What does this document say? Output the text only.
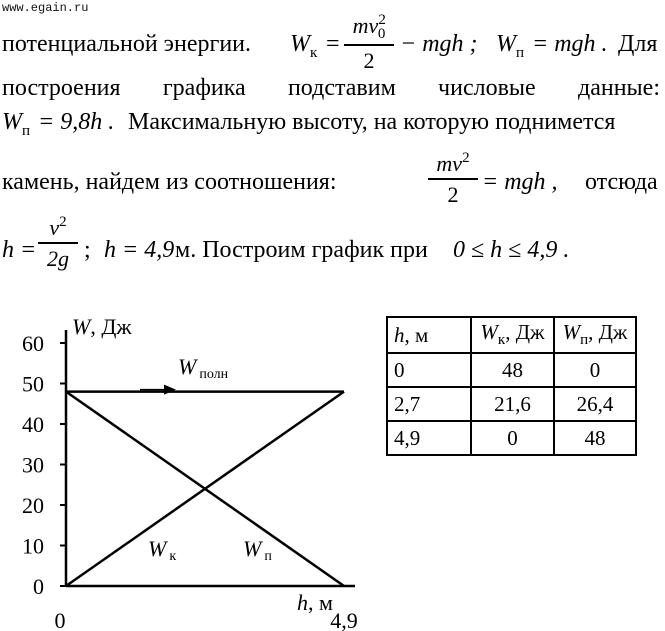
www.egain.ru
потенциальной энергии. $W_к$ =
$mv^2_0$
2
− mgh ; $W_п$ = mgh . Для
построения графика подставим числовые данные:
$W_п = 9,8h$ . Максимальную высоту, на которую поднимется
камень, найдем из соотношения:
$mv^2$
2 = mgh , отсюда
h =
$v^2$
2g ; h = 4,9 м. Построим график при 0 ≤ h ≤ 4,9 .
h, м	$W_к$, Дж	$W_п$, Дж
0	48	0
2,7	21,6	26,4
4,9	0	48
60
50
40
30
20
10
0
0	4,9
W, Дж
h, м
Wполн
Wк	Wп
